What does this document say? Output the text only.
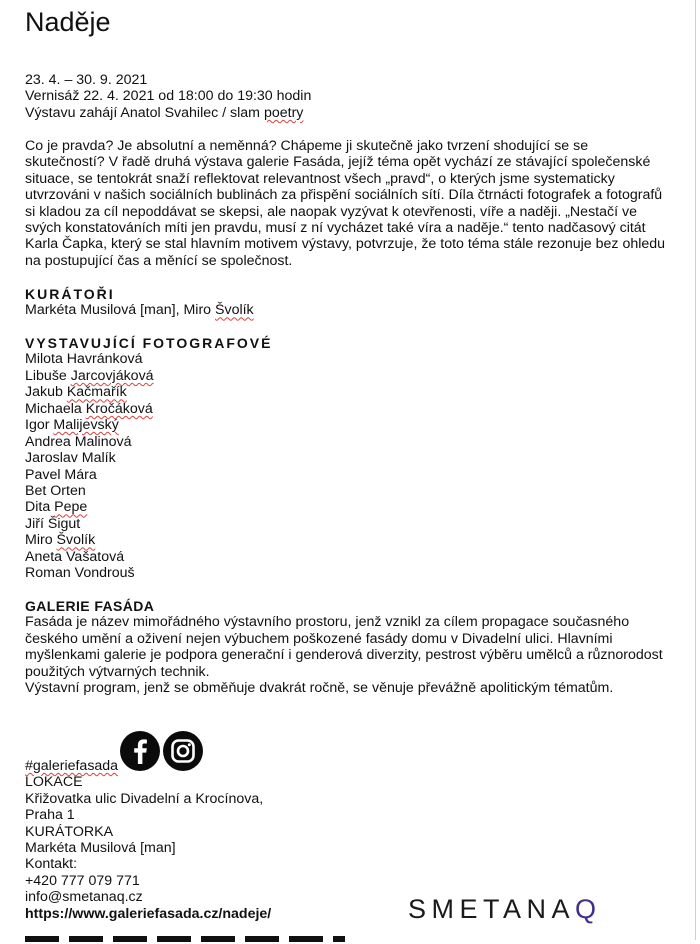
Naděje

23. 4. – 30. 9. 2021

Vernisáž 22. 4. 2021 od 18:00 do 19:30 hodin

Výstavu zahájí Anatol Svahilec / slam poetry

Co je pravda? Je absolutní a neměnná? Chápeme ji skutečně jako tvrzení shodující se se

skutečností? V řadě druhá výstava galerie Fasáda, jejíž téma opět vychází ze stávající společenské

situace, se tentokrát snaží reflektovat relevantnost všech „pravd“, o kterých jsme systematicky

utvrzováni v našich sociálních bublinách za přispění sociálních sítí. Díla čtrnácti fotografek a fotografů

si kladou za cíl nepoddávat se skepsi, ale naopak vyzývat k otevřenosti, víře a naději. „Nestačí ve

svých konstatováních míti jen pravdu, musí z ní vycházet také víra a naděje.“ tento nadčasový citát

Karla Čapka, který se stal hlavním motivem výstavy, potvrzuje, že toto téma stále rezonuje bez ohledu

na postupující čas a měnící se společnost.

KURÁTOŘI

Markéta Musilová [man], Miro Švolík

VYSTAVUJÍCÍ FOTOGRAFOVÉ

Milota Havránková

Libuše Jarcovjáková

Jakub Kačmařík

Michaela Kročáková

Igor Malijevský

Andrea Malinová

Jaroslav Malík

Pavel Mára

Bet Orten

Dita Pepe

Jiří Šigut

Miro Švolík

Aneta Vašatová

Roman Vondrouš

GALERIE FASÁDA

Fasáda je název mimořádného výstavního prostoru, jenž vznikl za cílem propagace současného

českého umění a oživení nejen výbuchem poškozené fasády domu v Divadelní ulici. Hlavními

myšlenkami galerie je podpora generační i genderová diverzity, pestrost výběru umělců a různorodost

použitých výtvarných technik.

Výstavní program, jenž se obměňuje dvakrát ročně, se věnuje převážně apolitickým tématům.

#galeriefasada

LOKACE

Křižovatka ulic Divadelní a Krocínova,

Praha 1

KURÁTORKA

Markéta Musilová [man]

Kontakt:

+420 777 079 771

info@smetanaq.cz

https://www.galeriefasada.cz/nadeje/	SMETANAQ
